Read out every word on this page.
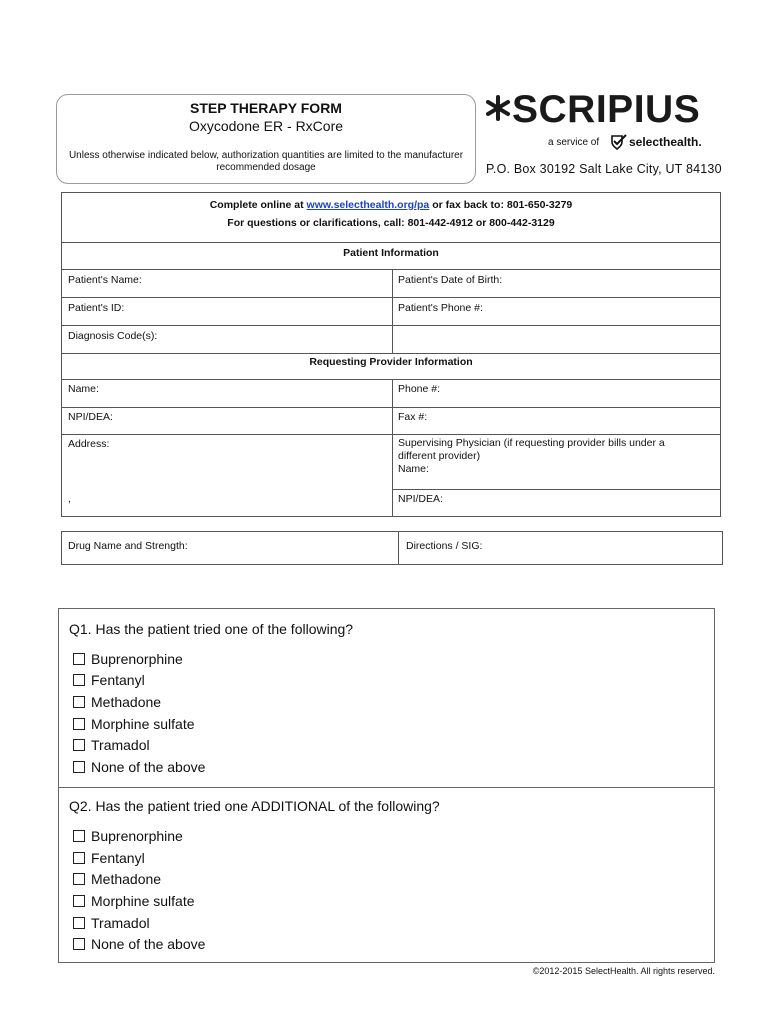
STEP THERAPY FORM
Oxycodone ER - RxCore
Unless otherwise indicated below, authorization quantities are limited to the manufacturer
recommended dosage
SCRIPIUS
a service of selecthealth.
P.O. Box 30192 Salt Lake City, UT 84130
Complete online at www.selecthealth.org/pa or fax back to: 801-650-3279
For questions or clarifications, call: 801-442-4912 or 800-442-3129
Patient Information
Patient's Name:	Patient's Date of Birth:
Patient's ID:	Patient's Phone #:
Diagnosis Code(s):
Requesting Provider Information
Name:	Phone #:
NPI/DEA:	Fax #:
Address:	Supervising Physician (if requesting provider bills under a
different provider)
Name:
,	NPI/DEA:
Drug Name and Strength:	Directions / SIG:
Q1. Has the patient tried one of the following?
Buprenorphine
Fentanyl
Methadone
Morphine sulfate
Tramadol
None of the above
Q2. Has the patient tried one ADDITIONAL of the following?
Buprenorphine
Fentanyl
Methadone
Morphine sulfate
Tramadol
None of the above
©2012-2015 SelectHealth. All rights reserved.
